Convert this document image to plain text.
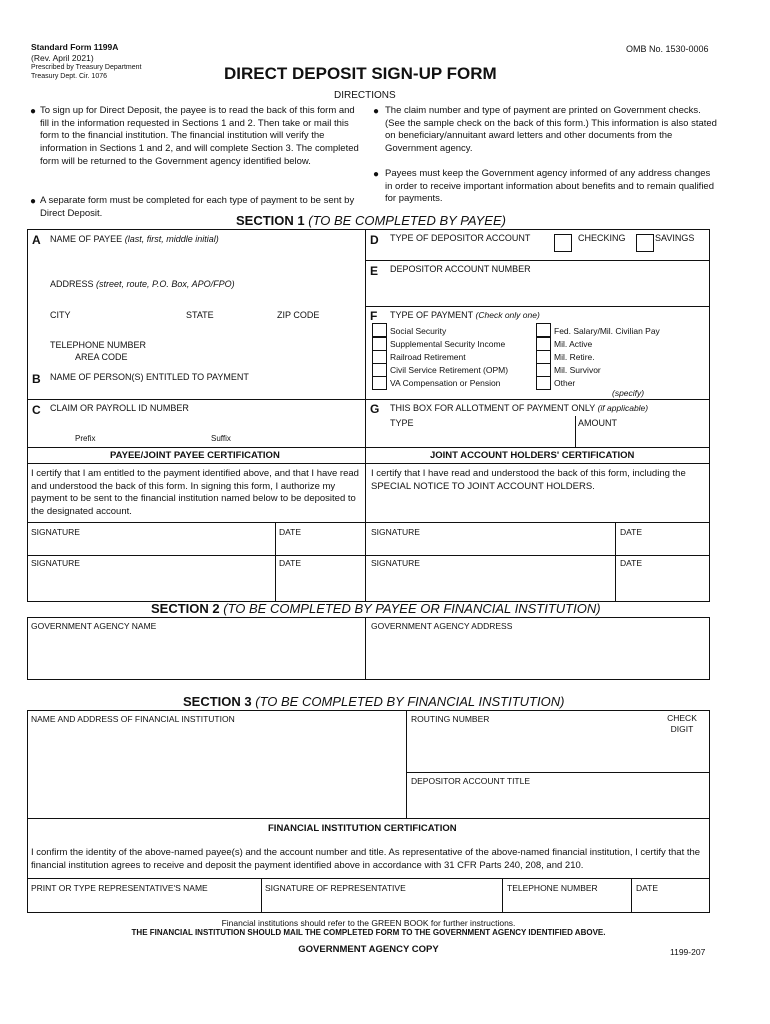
Standard Form 1199A
(Rev. April 2021)
Prescribed by Treasury Department
Treasury Dept. Cir. 1076	DIRECT DEPOSIT SIGN-UP FORM
OMB No. 1530-0006
DIRECTIONS
● To sign up for Direct Deposit, the payee is to read the back of this form and fill in the information requested in Sections 1 and 2. Then take or mail this form to the financial institution. The financial institution will verify the information in Sections 1 and 2, and will complete Section 3. The completed form will be returned to the Government agency identified below.
● A separate form must be completed for each type of payment to be sent by Direct Deposit.
● The claim number and type of payment are printed on Government checks. (See the sample check on the back of this form.) This information is also stated on beneficiary/annuitant award letters and other documents from the Government agency.
● Payees must keep the Government agency informed of any address changes in order to receive important information about benefits and to remain qualified for payments.
SECTION 1 (TO BE COMPLETED BY PAYEE)
A NAME OF PAYEE (last, first, middle initial)
ADDRESS (street, route, P.O. Box, APO/FPO)
CITY	STATE	ZIP CODE
TELEPHONE NUMBER
AREA CODE
B NAME OF PERSON(S) ENTITLED TO PAYMENT
C CLAIM OR PAYROLL ID NUMBER
Prefix	Suffix
D TYPE OF DEPOSITOR ACCOUNT	CHECKING	SAVINGS
E DEPOSITOR ACCOUNT NUMBER
F TYPE OF PAYMENT (Check only one)
Social Security
Supplemental Security Income
Railroad Retirement
Civil Service Retirement (OPM)
VA Compensation or Pension
Fed. Salary/Mil. Civilian Pay
Mil. Active
Mil. Retire.
Mil. Survivor
Other
(specify)
G THIS BOX FOR ALLOTMENT OF PAYMENT ONLY (if applicable)
TYPE	AMOUNT
PAYEE/JOINT PAYEE CERTIFICATION	JOINT ACCOUNT HOLDERS' CERTIFICATION
I certify that I am entitled to the payment identified above, and that I have read and understood the back of this form. In signing this form, I authorize my payment to be sent to the financial institution named below to be deposited to the designated account.
I certify that I have read and understood the back of this form, including the SPECIAL NOTICE TO JOINT ACCOUNT HOLDERS.
SIGNATURE	DATE	SIGNATURE	DATE
SIGNATURE	DATE	SIGNATURE	DATE
SECTION 2 (TO BE COMPLETED BY PAYEE OR FINANCIAL INSTITUTION)
GOVERNMENT AGENCY NAME	GOVERNMENT AGENCY ADDRESS
SECTION 3 (TO BE COMPLETED BY FINANCIAL INSTITUTION)
NAME AND ADDRESS OF FINANCIAL INSTITUTION	ROUTING NUMBER	CHECK DIGIT
DEPOSITOR ACCOUNT TITLE
FINANCIAL INSTITUTION CERTIFICATION
I confirm the identity of the above-named payee(s) and the account number and title. As representative of the above-named financial institution, I certify that the financial institution agrees to receive and deposit the payment identified above in accordance with 31 CFR Parts 240, 208, and 210.
PRINT OR TYPE REPRESENTATIVE'S NAME	SIGNATURE OF REPRESENTATIVE	TELEPHONE NUMBER	DATE
Financial institutions should refer to the GREEN BOOK for further instructions.
THE FINANCIAL INSTITUTION SHOULD MAIL THE COMPLETED FORM TO THE GOVERNMENT AGENCY IDENTIFIED ABOVE.
GOVERNMENT AGENCY COPY	1199-207
